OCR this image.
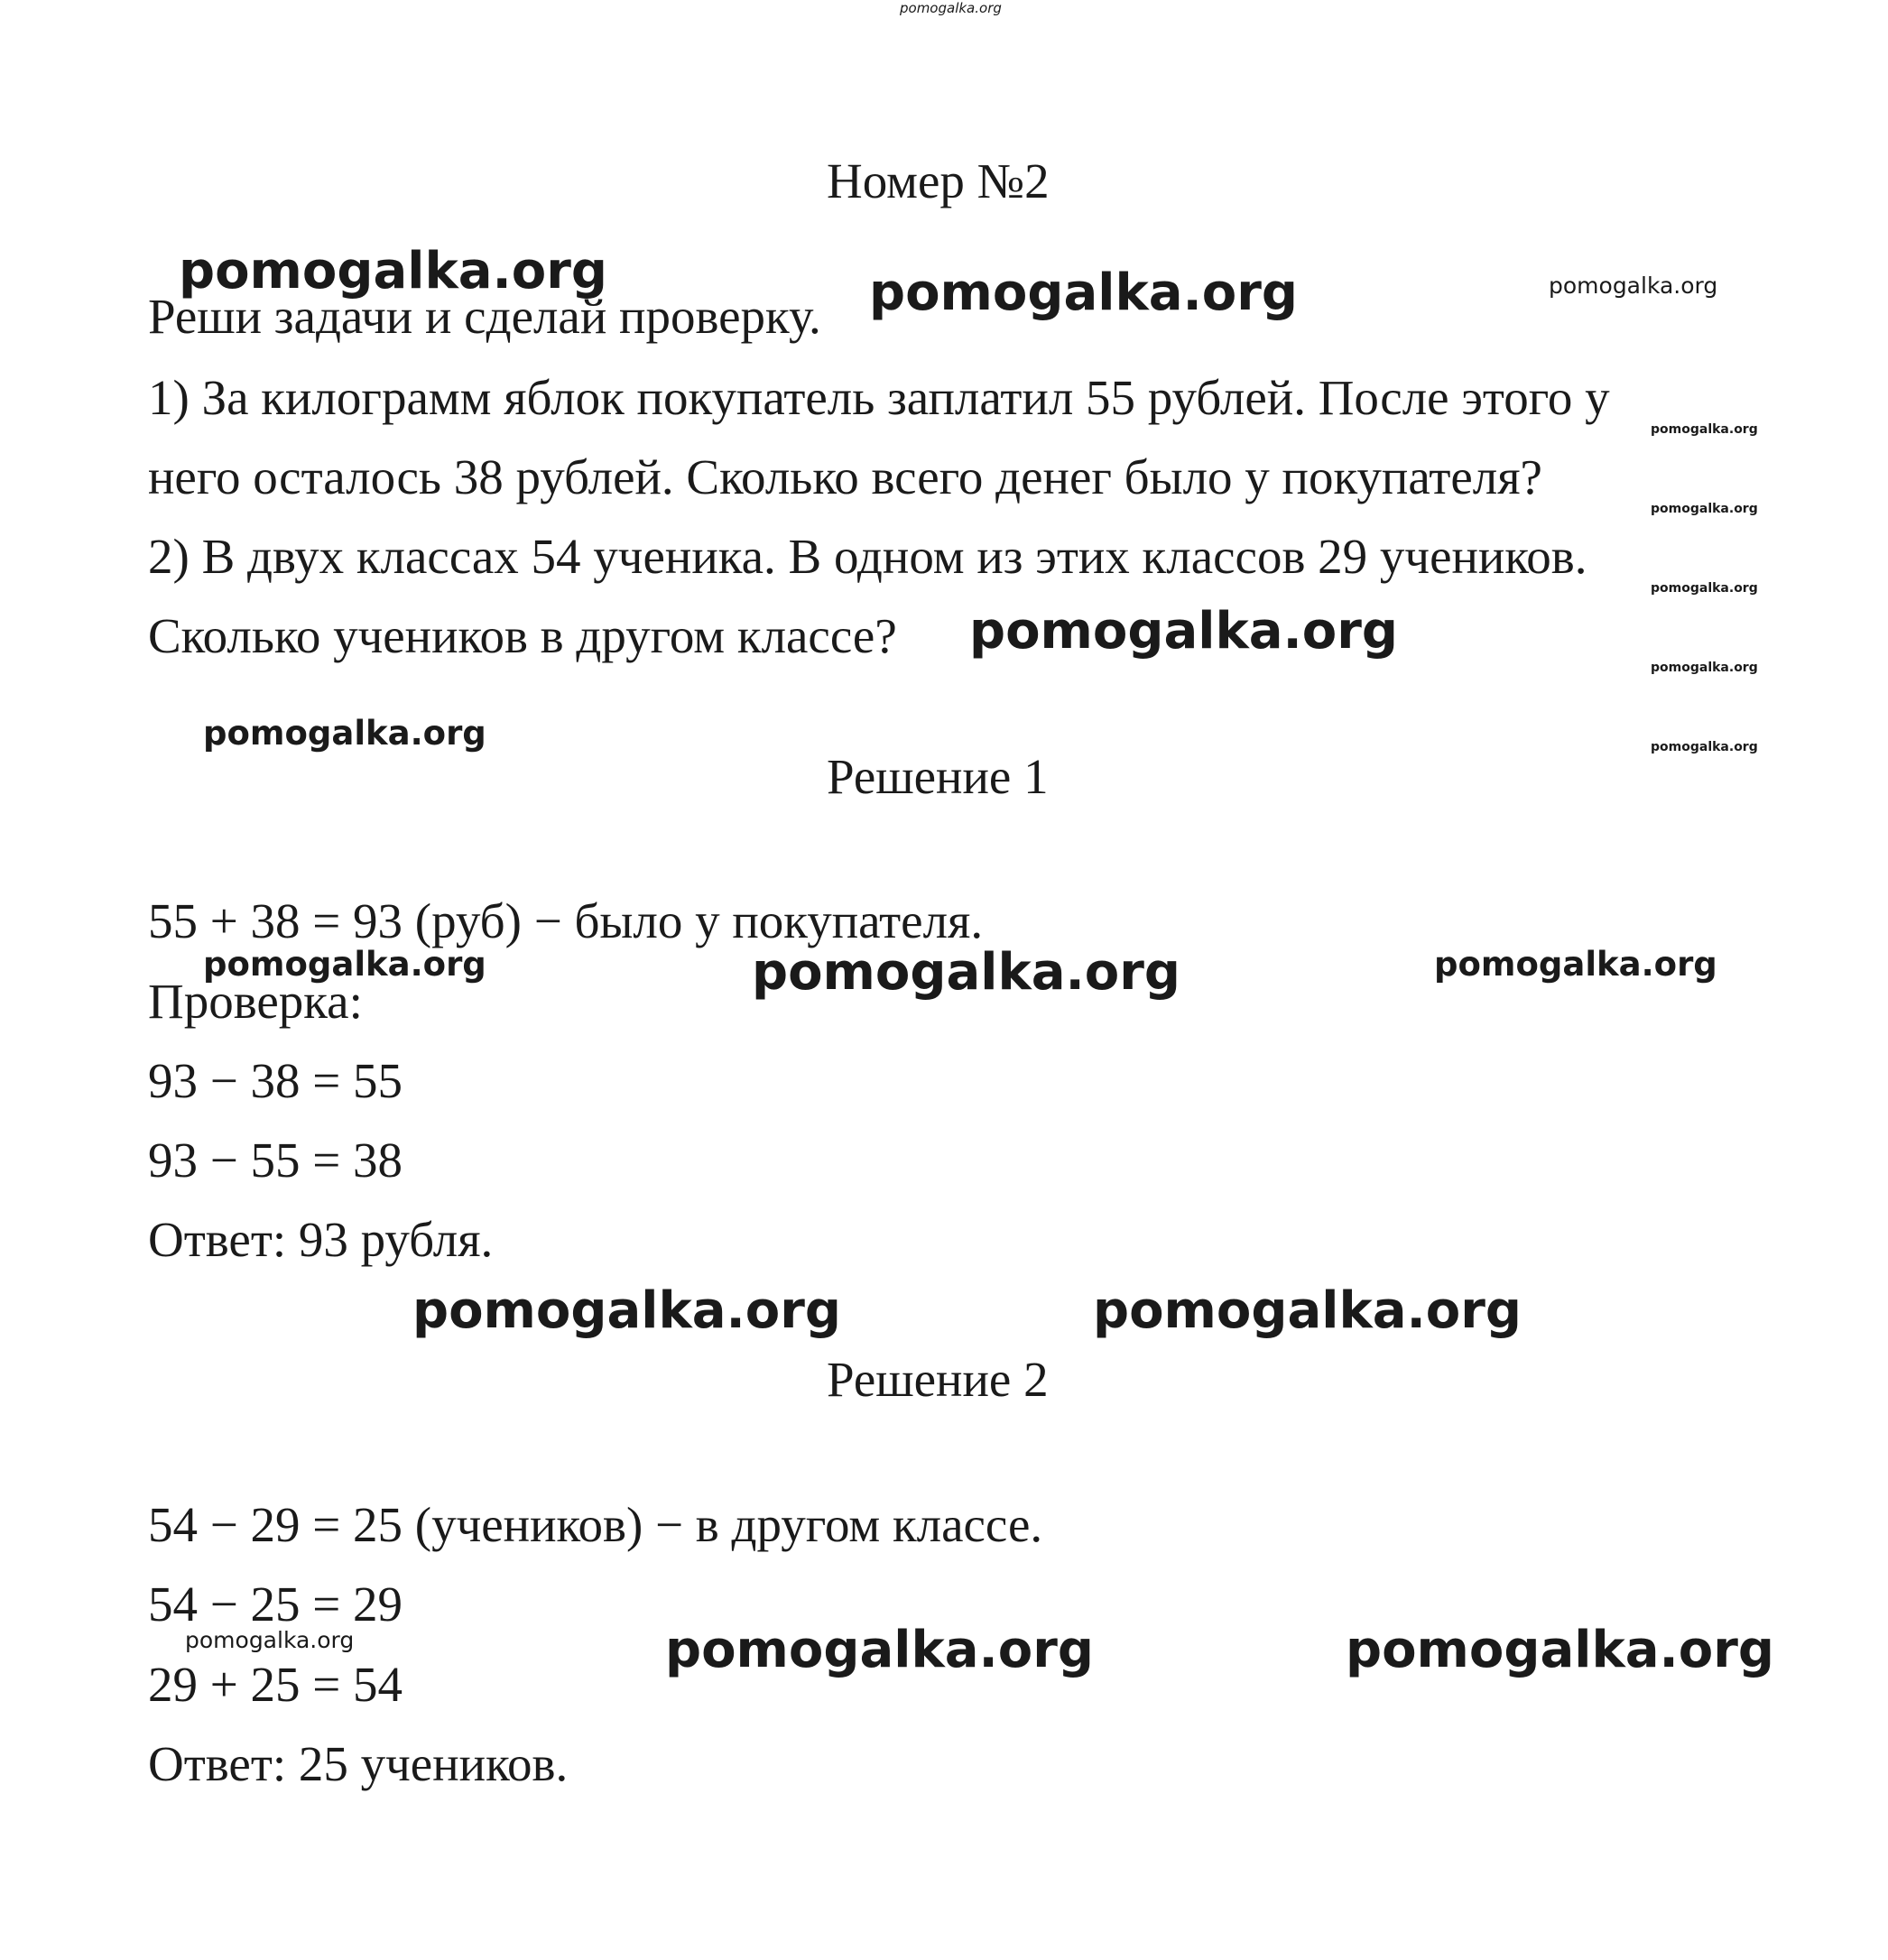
pomogalka.org
Номер №2
Реши задачи и сделай проверку.
1) За килограмм яблок покупатель заплатил 55 рублей. После этого у
него осталось 38 рублей. Сколько всего денег было у покупателя?
2) В двух классах 54 ученика. В одном из этих классов 29 учеников.
Сколько учеников в другом классе?
Решение 1
55 + 38 = 93 (руб) − было у покупателя.
Проверка:
93 − 38 = 55
93 − 55 = 38
Ответ: 93 рубля.
Решение 2
54 − 29 = 25 (учеников) − в другом классе.
54 − 25 = 29
29 + 25 = 54
Ответ: 25 учеников.
pomogalka.org	pomogalka.org	pomogalka.org
pomogalka.org
pomogalka.org
pomogalka.org
pomogalka.org
pomogalka.org
pomogalka.org	pomogalka.org
pomogalka.org	pomogalka.org	pomogalka.org
pomogalka.org	pomogalka.org
pomogalka.org	pomogalka.org	pomogalka.org
